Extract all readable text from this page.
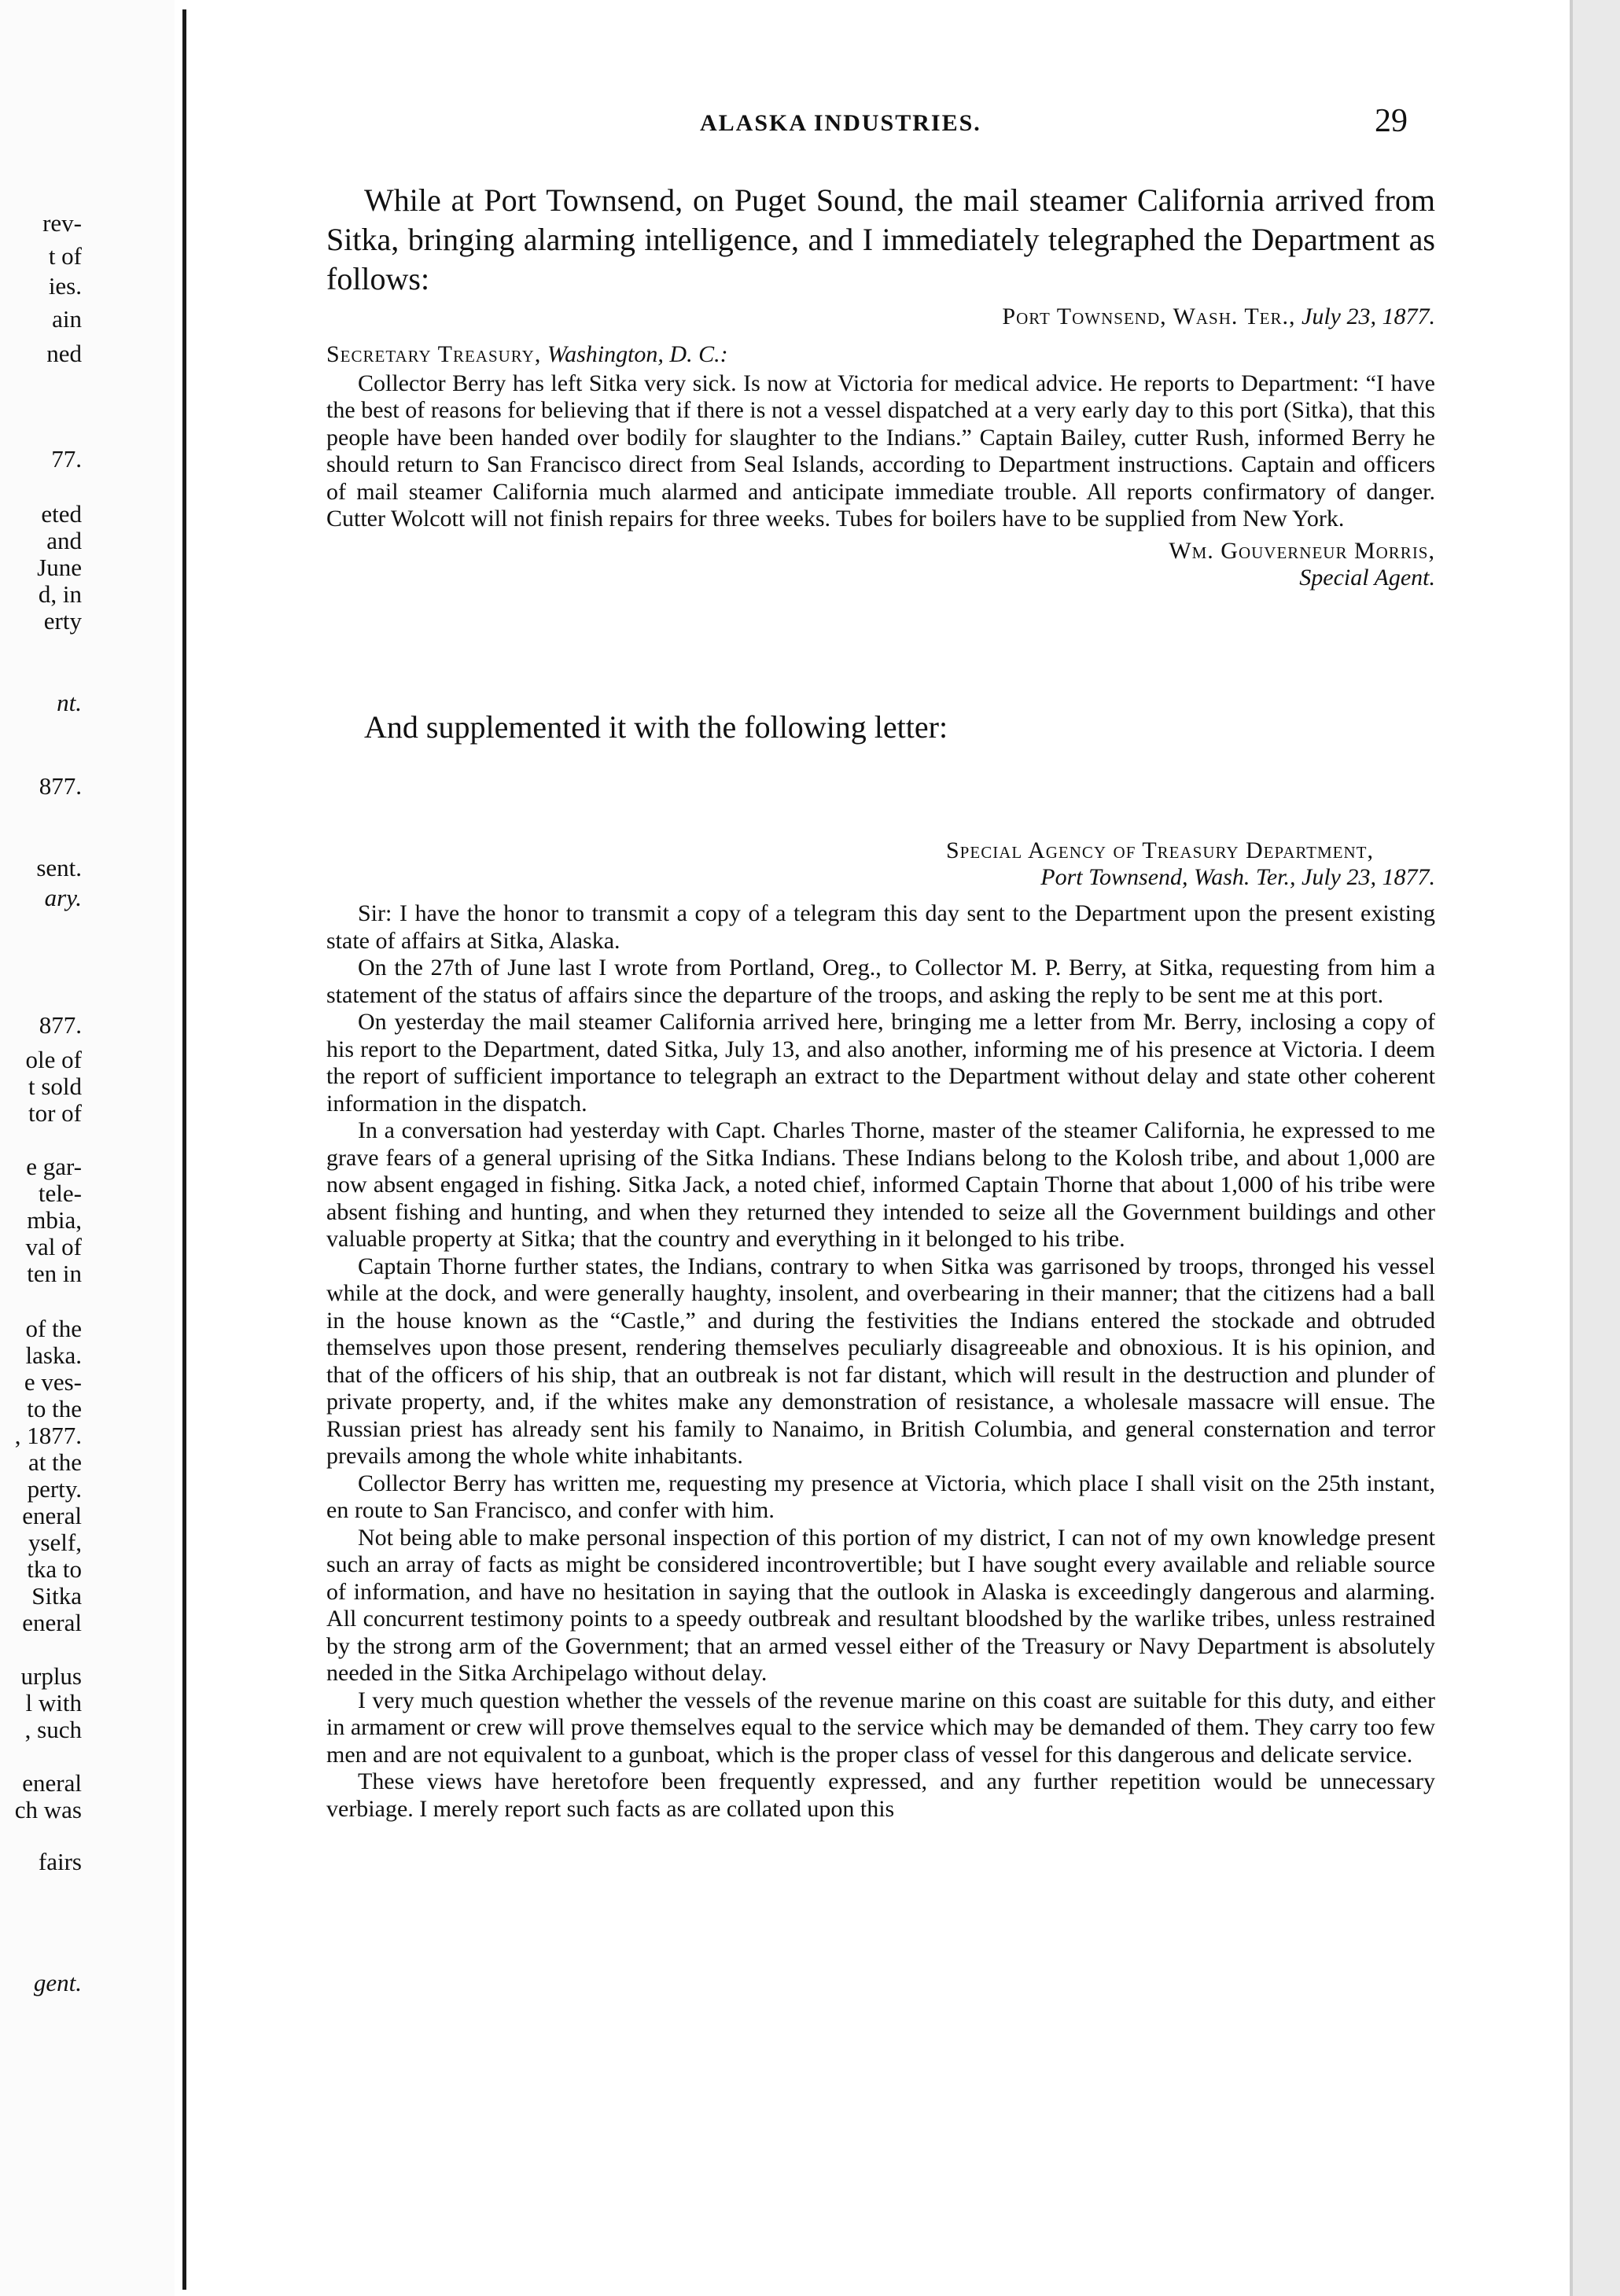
rev-
t of
ies.
ain
ned
77.
eted
and
June
d, in
erty
nt.
877.
sent.
ary.
877.
ole of
t sold
tor of
e gar-
tele-
mbia,
val of
ten in
of the
laska.
e ves-
to the
, 1877.
at the
perty.
eneral
yself,
tka to
Sitka
eneral
urplus
l with
, such
eneral
ch was
fairs
gent.
ALASKA INDUSTRIES.	29
While at Port Townsend, on Puget Sound, the mail steamer California arrived from Sitka, bringing alarming intelligence, and I immediately telegraphed the Department as follows:
Port Townsend, Wash. Ter., July 23, 1877.
Secretary Treasury, Washington, D. C.:

Collector Berry has left Sitka very sick. Is now at Victoria for medical advice. He reports to Department: “I have the best of reasons for believing that if there is not a vessel dispatched at a very early day to this port (Sitka), that this people have been handed over bodily for slaughter to the Indians.” Captain Bailey, cutter Rush, informed Berry he should return to San Francisco direct from Seal Islands, according to Department instructions. Captain and officers of mail steamer California much alarmed and anticipate immediate trouble. All reports confirmatory of danger. Cutter Wolcott will not finish repairs for three weeks. Tubes for boilers have to be supplied from New York.

Wm. Gouverneur Morris,
Special Agent.
And supplemented it with the following letter:
Special Agency of Treasury Department,
Port Townsend, Wash. Ter., July 23, 1877.

Sir: I have the honor to transmit a copy of a telegram this day sent to the Department upon the present existing state of affairs at Sitka, Alaska.

On the 27th of June last I wrote from Portland, Oreg., to Collector M. P. Berry, at Sitka, requesting from him a statement of the status of affairs since the departure of the troops, and asking the reply to be sent me at this port.

On yesterday the mail steamer California arrived here, bringing me a letter from Mr. Berry, inclosing a copy of his report to the Department, dated Sitka, July 13, and also another, informing me of his presence at Victoria. I deem the report of sufficient importance to telegraph an extract to the Department without delay and state other coherent information in the dispatch.

In a conversation had yesterday with Capt. Charles Thorne, master of the steamer California, he expressed to me grave fears of a general uprising of the Sitka Indians. These Indians belong to the Kolosh tribe, and about 1,000 are now absent engaged in fishing. Sitka Jack, a noted chief, informed Captain Thorne that about 1,000 of his tribe were absent fishing and hunting, and when they returned they intended to seize all the Government buildings and other valuable property at Sitka; that the country and everything in it belonged to his tribe.

Captain Thorne further states, the Indians, contrary to when Sitka was garrisoned by troops, thronged his vessel while at the dock, and were generally haughty, insolent, and overbearing in their manner; that the citizens had a ball in the house known as the “Castle,” and during the festivities the Indians entered the stockade and obtruded themselves upon those present, rendering themselves peculiarly disagreeable and obnoxious. It is his opinion, and that of the officers of his ship, that an outbreak is not far distant, which will result in the destruction and plunder of private property, and, if the whites make any demonstration of resistance, a wholesale massacre will ensue. The Russian priest has already sent his family to Nanaimo, in British Columbia, and general consternation and terror prevails among the whole white inhabitants.

Collector Berry has written me, requesting my presence at Victoria, which place I shall visit on the 25th instant, en route to San Francisco, and confer with him.

Not being able to make personal inspection of this portion of my district, I can not of my own knowledge present such an array of facts as might be considered incontrovertible; but I have sought every available and reliable source of information, and have no hesitation in saying that the outlook in Alaska is exceedingly dangerous and alarming. All concurrent testimony points to a speedy outbreak and resultant bloodshed by the warlike tribes, unless restrained by the strong arm of the Government; that an armed vessel either of the Treasury or Navy Department is absolutely needed in the Sitka Archipelago without delay.

I very much question whether the vessels of the revenue marine on this coast are suitable for this duty, and either in armament or crew will prove themselves equal to the service which may be demanded of them. They carry too few men and are not equivalent to a gunboat, which is the proper class of vessel for this dangerous and delicate service.

These views have heretofore been frequently expressed, and any further repetition would be unnecessary verbiage. I merely report such facts as are collated upon this
